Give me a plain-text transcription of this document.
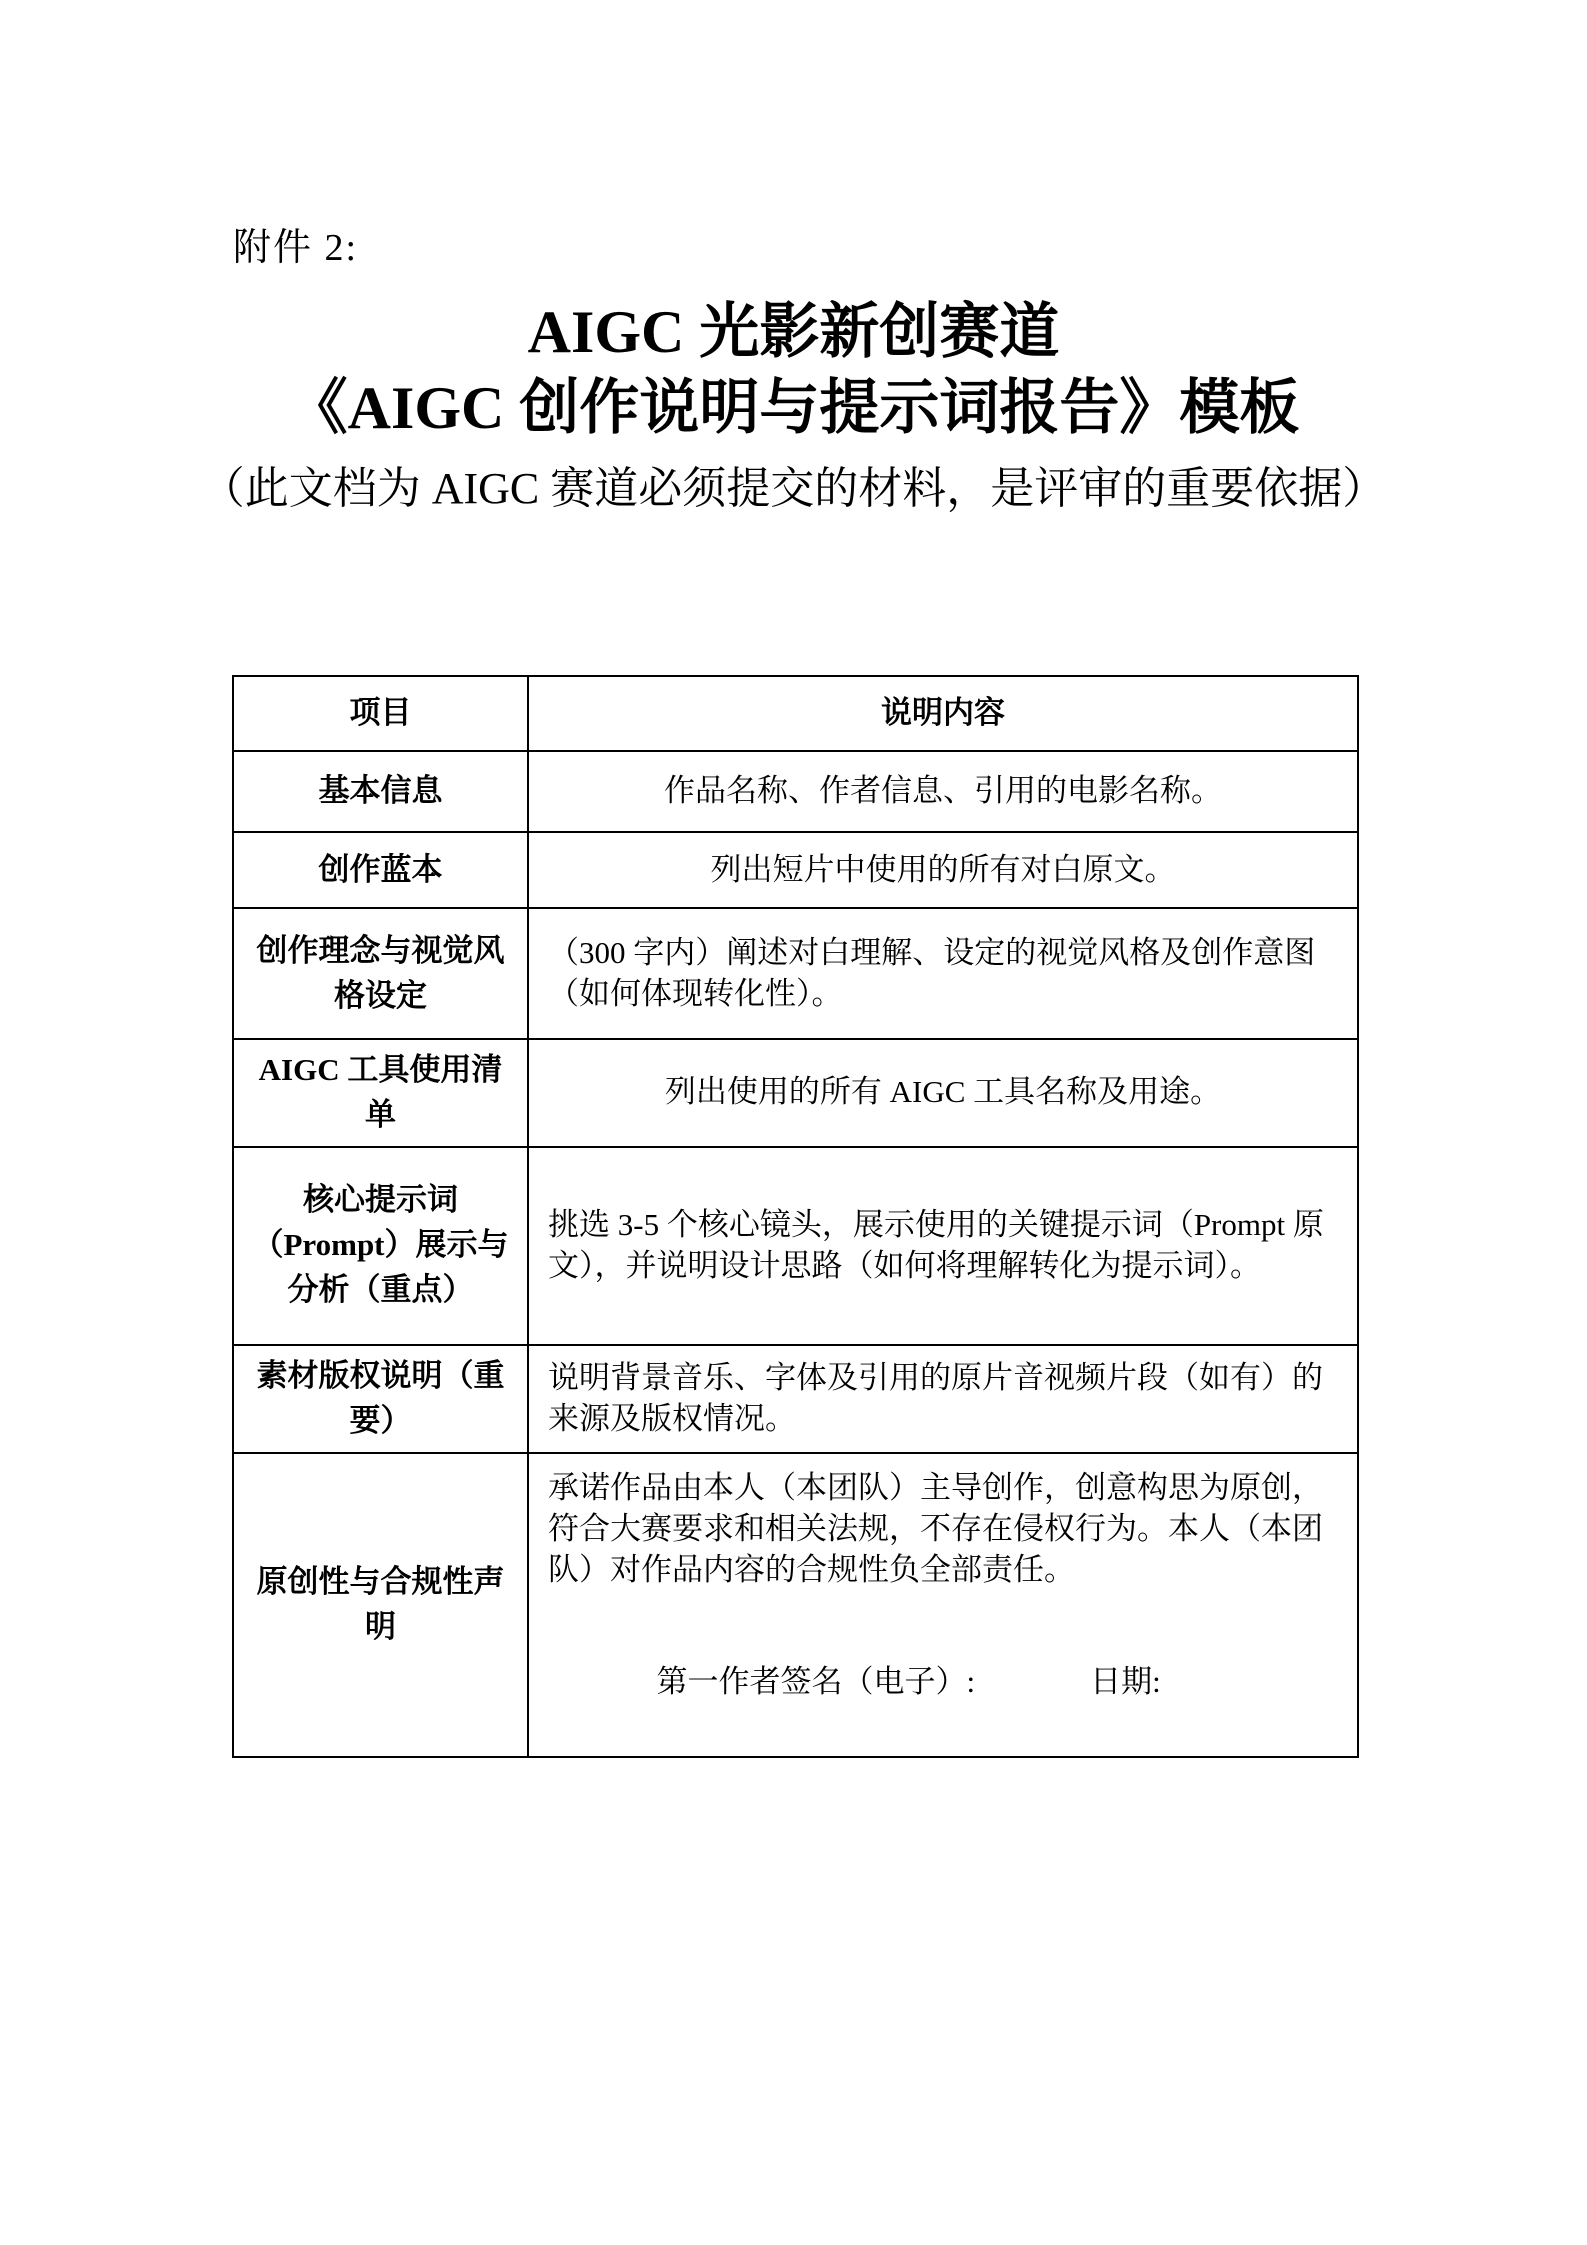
附件 2:
AIGC 光影新创赛道
《AIGC 创作说明与提示词报告》模板
（此文档为 AIGC 赛道必须提交的材料，是评审的重要依据）
项目	说明内容
基本信息	作品名称、作者信息、引用的电影名称。
创作蓝本	列出短片中使用的所有对白原文。
创作理念与视觉风格设定	（300 字内）阐述对白理解、设定的视觉风格及创作意图（如何体现转化性）。
AIGC 工具使用清单	列出使用的所有 AIGC 工具名称及用途。
核心提示词（Prompt）展示与分析（重点）	挑选 3-5 个核心镜头，展示使用的关键提示词（Prompt 原文），并说明设计思路（如何将理解转化为提示词）。
素材版权说明（重要）	说明背景音乐、字体及引用的原片音视频片段（如有）的来源及版权情况。
原创性与合规性声明	承诺作品由本人（本团队）主导创作，创意构思为原创，符合大赛要求和相关法规，不存在侵权行为。本人（本团队）对作品内容的合规性负全部责任。

第一作者签名（电子）: 日期:
